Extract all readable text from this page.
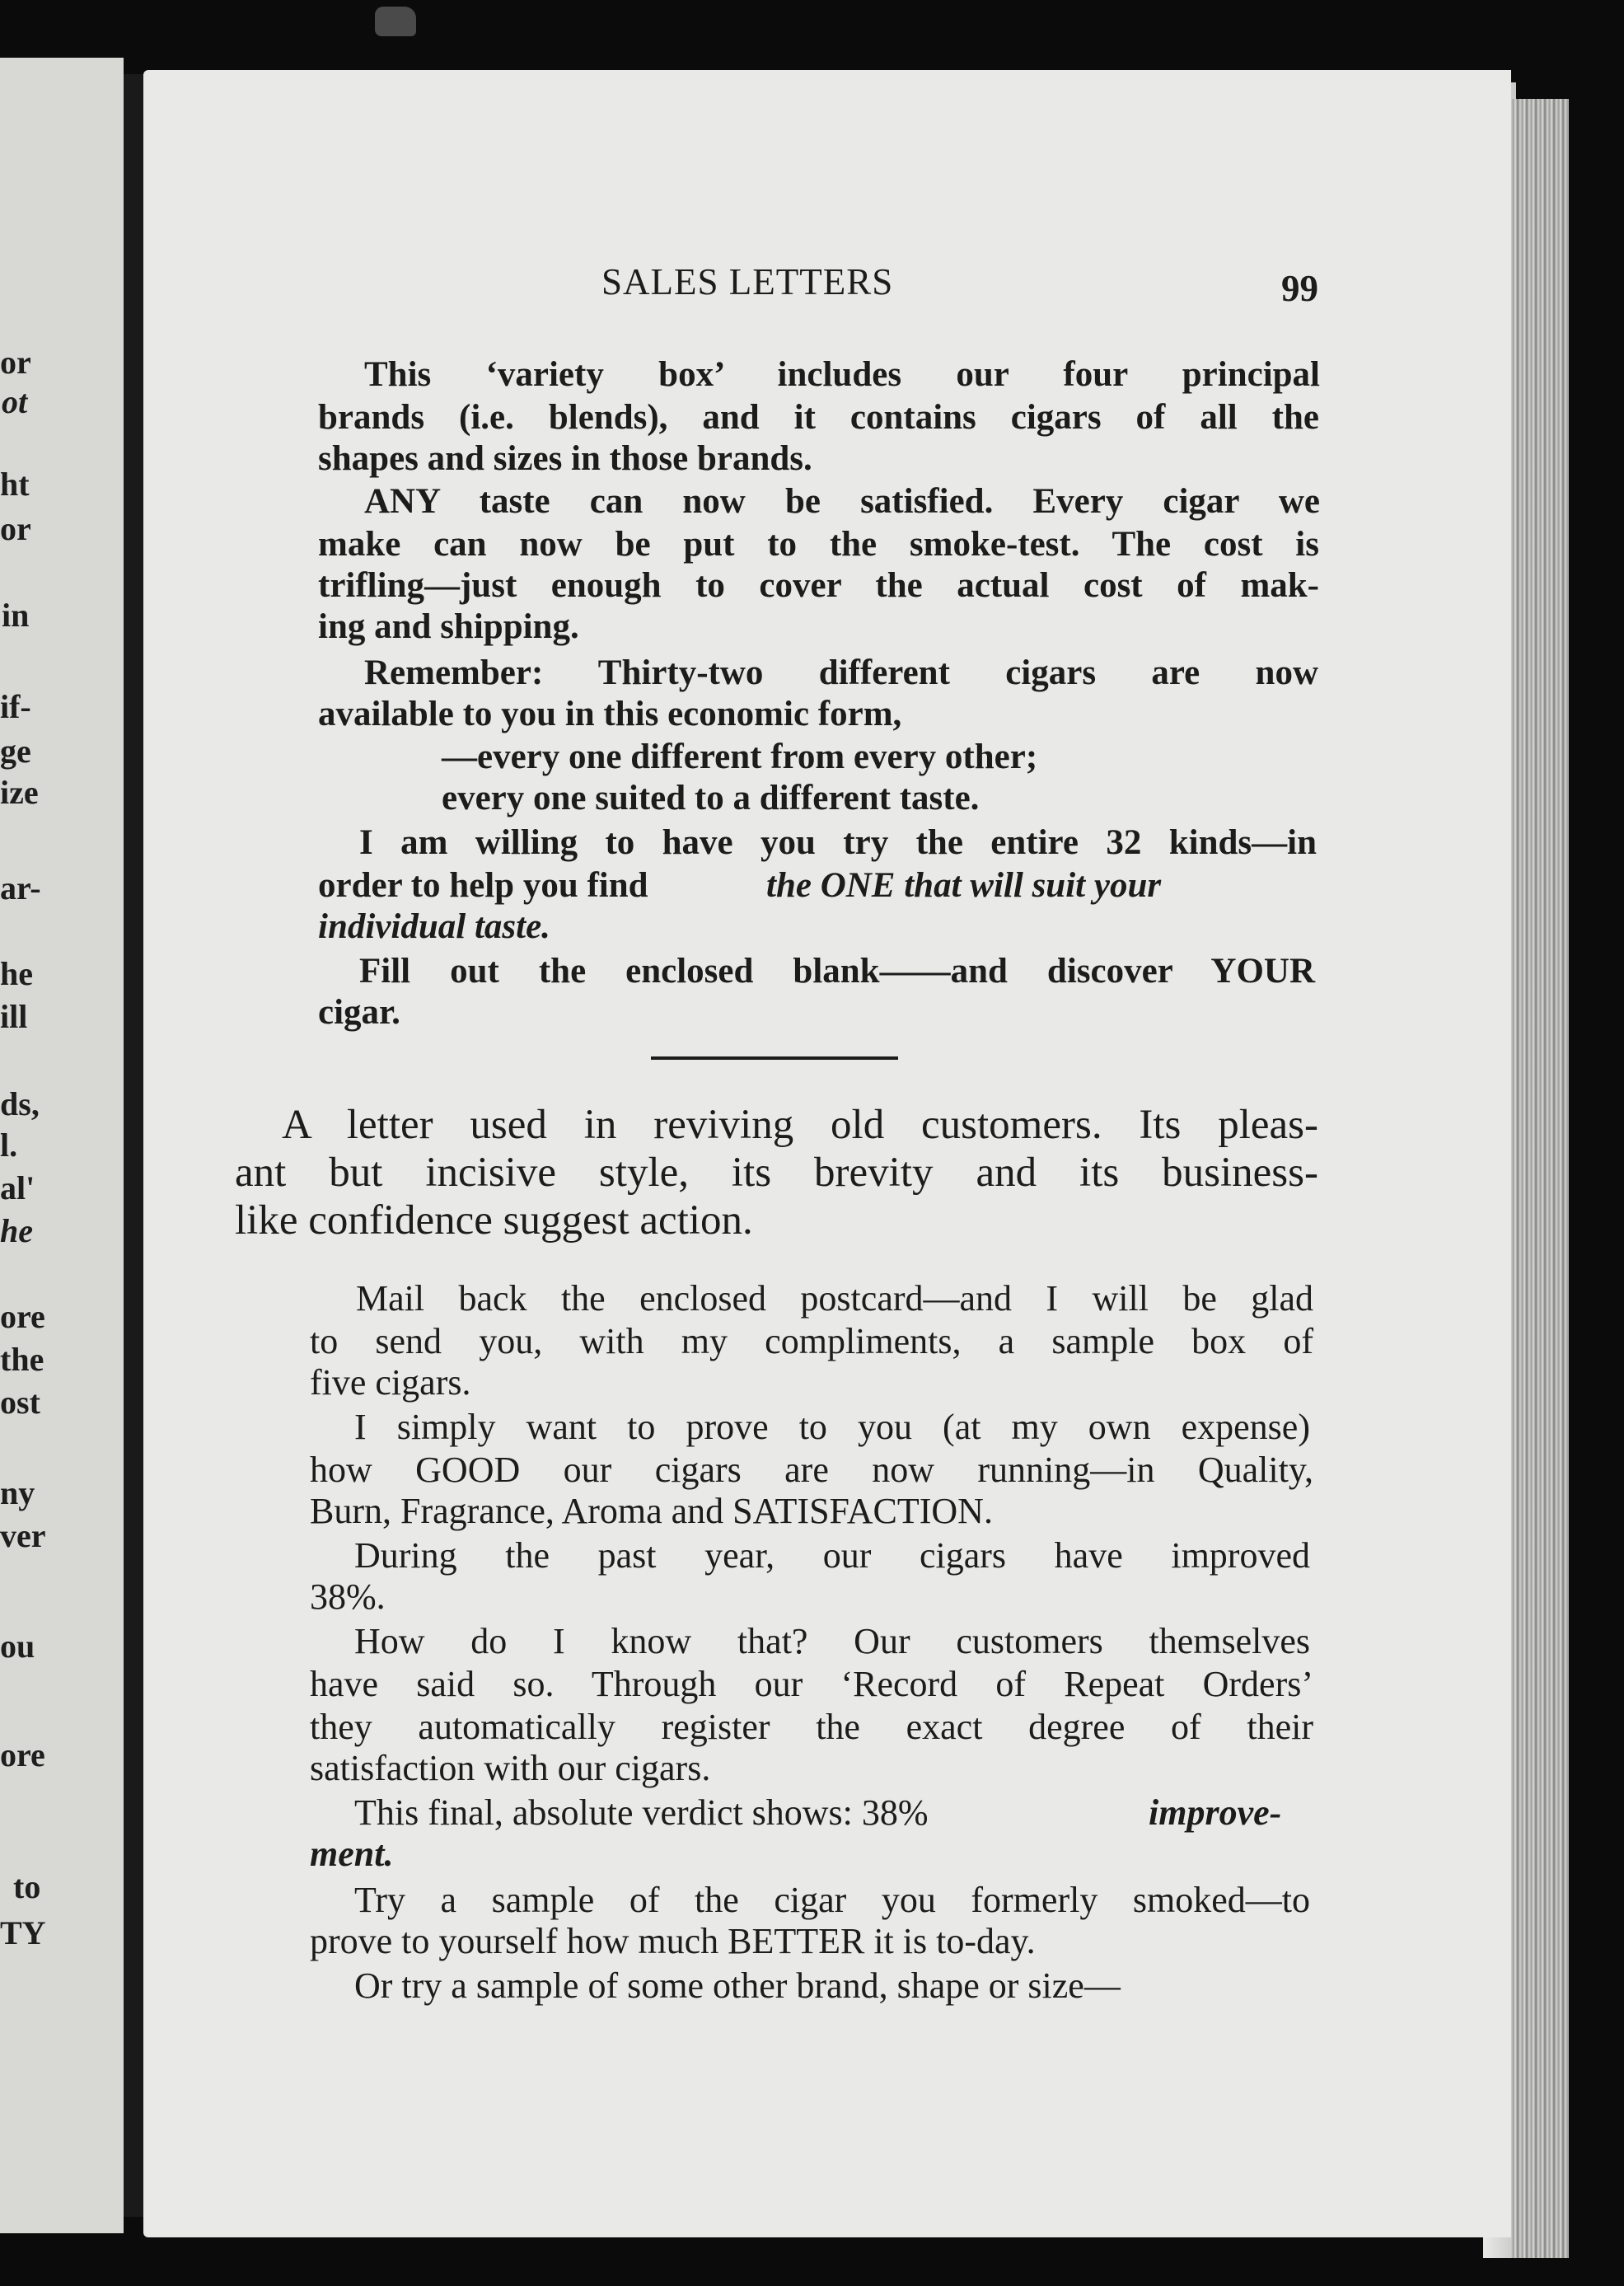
or
ot
ht
or
in
if-
ge
ize
ar-
he
ill
ds,
l.
al'
he
ore
the
ost
ny
ver
ou
ore
to
TY
SALES LETTERS	99

This ‘variety box’ includes our four principal

brands (i.e. blends), and it contains cigars of all the

shapes and sizes in those brands.

ANY taste can now be satisfied. Every cigar we

make can now be put to the smoke-test. The cost is

trifling—just enough to cover the actual cost of mak-

ing and shipping.

Remember: Thirty-two different cigars are now

available to you in this economic form,

—every one different from every other;

every one suited to a different taste.

I am willing to have you try the entire 32 kinds—in

order to help you find	the ONE that will suit your

individual taste.

Fill out the enclosed blank——and discover YOUR

cigar.

A letter used in reviving old customers. Its pleas-

ant but incisive style, its brevity and its business-

like confidence suggest action.

Mail back the enclosed postcard—and I will be glad

to send you, with my compliments, a sample box of

five cigars.

I simply want to prove to you (at my own expense)

how GOOD our cigars are now running—in Quality,

Burn, Fragrance, Aroma and SATISFACTION.

During the past year, our cigars have improved

38%.

How do I know that? Our customers themselves

have said so. Through our ‘Record of Repeat Orders’

they automatically register the exact degree of their

satisfaction with our cigars.

This final, absolute verdict shows: 38%	improve-

ment.

Try a sample of the cigar you formerly smoked—to

prove to yourself how much BETTER it is to-day.

Or try a sample of some other brand, shape or size—
